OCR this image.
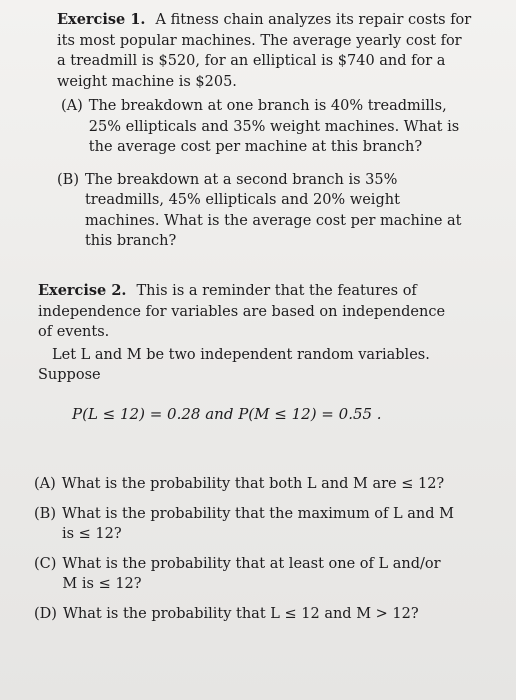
Exercise 1. A fitness chain analyzes its repair costs for its most popular machines. The average yearly cost for a treadmill is $520, for an elliptical is $740 and for a weight machine is $205.
(A) The breakdown at one branch is 40% treadmills, 25% ellipticals and 35% weight machines. What is the average cost per machine at this branch?
(B) The breakdown at a second branch is 35% treadmills, 45% ellipticals and 20% weight machines. What is the average cost per machine at this branch?
Exercise 2. This is a reminder that the features of independence for variables are based on independence of events.
Let L and M be two independent random variables. Suppose
P(L ≤ 12) = 0.28 and P(M ≤ 12) = 0.55 .
(A) What is the probability that both L and M are ≤ 12?
(B) What is the probability that the maximum of L and M is ≤ 12?
(C) What is the probability that at least one of L and/or M is ≤ 12?
(D) What is the probability that L ≤ 12 and M > 12?
